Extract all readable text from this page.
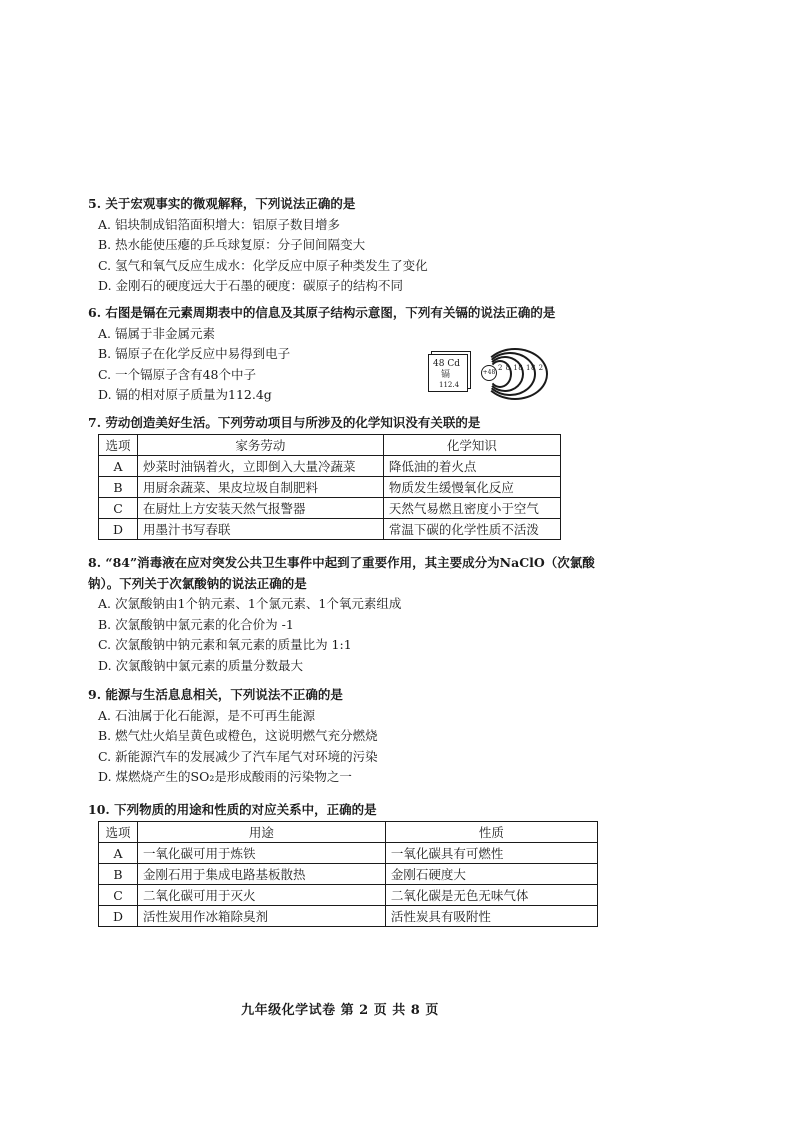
5. 关于宏观事实的微观解释，下列说法正确的是
A. 铝块制成铝箔面积增大：铝原子数目增多
B. 热水能使压瘪的乒乓球复原：分子间间隔变大
C. 氢气和氧气反应生成水：化学反应中原子种类发生了变化
D. 金刚石的硬度远大于石墨的硬度：碳原子的结构不同
6. 右图是镉在元素周期表中的信息及其原子结构示意图，下列有关镉的说法正确的是
A. 镉属于非金属元素
B. 镉原子在化学反应中易得到电子
C. 一个镉原子含有48个中子
D. 镉的相对原子质量为112.4g
48 Cd
镉
112.4
+48
2 8 18 18 2
7. 劳动创造美好生活。下列劳动项目与所涉及的化学知识没有关联的是
选项	家务劳动	化学知识
A	炒菜时油锅着火，立即倒入大量冷蔬菜	降低油的着火点
B	用厨余蔬菜、果皮垃圾自制肥料	物质发生缓慢氧化反应
C	在厨灶上方安装天然气报警器	天然气易燃且密度小于空气
D	用墨汁书写春联	常温下碳的化学性质不活泼
8. “84”消毒液在应对突发公共卫生事件中起到了重要作用，其主要成分为NaClO（次氯酸
钠）。下列关于次氯酸钠的说法正确的是
A. 次氯酸钠由1个钠元素、1个氯元素、1个氧元素组成
B. 次氯酸钠中氯元素的化合价为 -1
C. 次氯酸钠中钠元素和氧元素的质量比为 1:1
D. 次氯酸钠中氯元素的质量分数最大
9. 能源与生活息息相关，下列说法不正确的是
A. 石油属于化石能源，是不可再生能源
B. 燃气灶火焰呈黄色或橙色，这说明燃气充分燃烧
C. 新能源汽车的发展减少了汽车尾气对环境的污染
D. 煤燃烧产生的SO₂是形成酸雨的污染物之一
10. 下列物质的用途和性质的对应关系中，正确的是
选项	用途	性质
A	一氧化碳可用于炼铁	一氧化碳具有可燃性
B	金刚石用于集成电路基板散热	金刚石硬度大
C	二氧化碳可用于灭火	二氧化碳是无色无味气体
D	活性炭用作冰箱除臭剂	活性炭具有吸附性
九年级化学试卷 第 2 页 共 8 页
